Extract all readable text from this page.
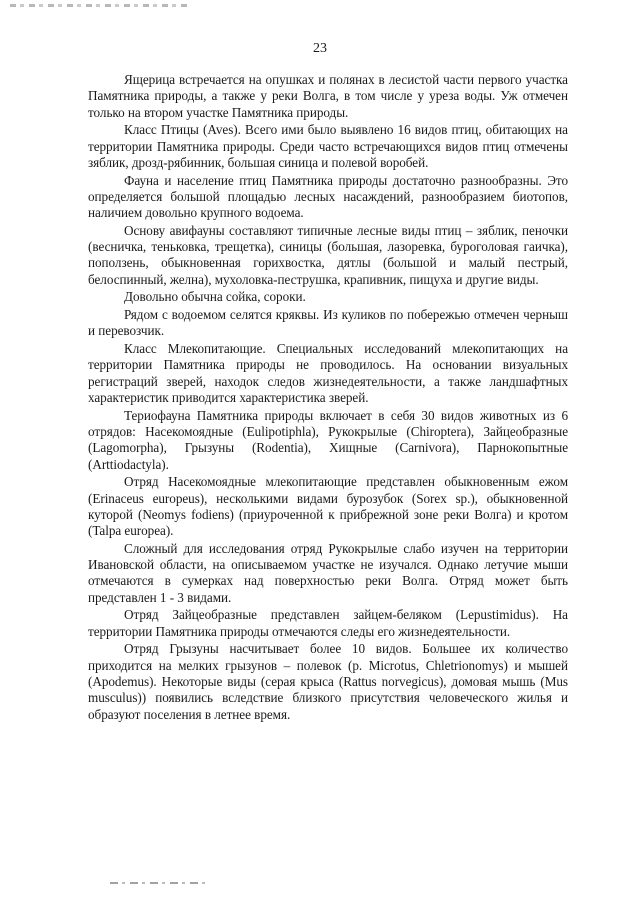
23

Ящерица встречается на опушках и полянах в лесистой части первого участка Памятника природы, а также у реки Волга, в том числе у уреза воды. Уж отмечен только на втором участке Памятника природы.

Класс Птицы (Aves). Всего ими было выявлено 16 видов птиц, обитающих на территории Памятника природы. Среди часто встречающихся видов птиц отмечены зяблик, дрозд-рябинник, большая синица и полевой воробей.

Фауна и население птиц Памятника природы достаточно разнообразны. Это определяется большой площадью лесных насаждений, разнообразием биотопов, наличием довольно крупного водоема.

Основу авифауны составляют типичные лесные виды птиц – зяблик, пеночки (весничка, теньковка, трещетка), синицы (большая, лазоревка, буроголовая гаичка), поползень, обыкновенная горихвостка, дятлы (большой и малый пестрый, белоспинный, желна), мухоловка-пеструшка, крапивник, пищуха и другие виды.

Довольно обычна сойка, сороки.

Рядом с водоемом селятся кряквы. Из куликов по побережью отмечен черныш и перевозчик.

Класс Млекопитающие. Специальных исследований млекопитающих на территории Памятника природы не проводилось. На основании визуальных регистраций зверей, находок следов жизнедеятельности, а также ландшафтных характеристик приводится характеристика зверей.

Териофауна Памятника природы включает в себя 30 видов животных из 6 отрядов: Насекомоядные (Eulipotiphla), Рукокрылые (Chiroptera), Зайцеобразные (Lagomorpha), Грызуны (Rodentia), Хищные (Carnivora), Парнокопытные (Arttiodactyla).

Отряд Насекомоядные млекопитающие представлен обыкновенным ежом (Erinaceus europeus), несколькими видами бурозубок (Sorex sp.), обыкновенной куторой (Neomys fodiens) (приуроченной к прибрежной зоне реки Волга) и кротом (Talpa europea).

Сложный для исследования отряд Рукокрылые слабо изучен на территории Ивановской области, на описываемом участке не изучался. Однако летучие мыши отмечаются в сумерках над поверхностью реки Волга. Отряд может быть представлен 1 - 3 видами.

Отряд Зайцеобразные представлен зайцем-беляком (Lepustimidus). На территории Памятника природы отмечаются следы его жизнедеятельности.

Отряд Грызуны насчитывает более 10 видов. Большее их количество приходится на мелких грызунов – полевок (р. Microtus, Chletrionomys) и мышей (Apodemus). Некоторые виды (серая крыса (Rattus norvegicus), домовая мышь (Mus musculus)) появились вследствие близкого присутствия человеческого жилья и образуют поселения в летнее время.
